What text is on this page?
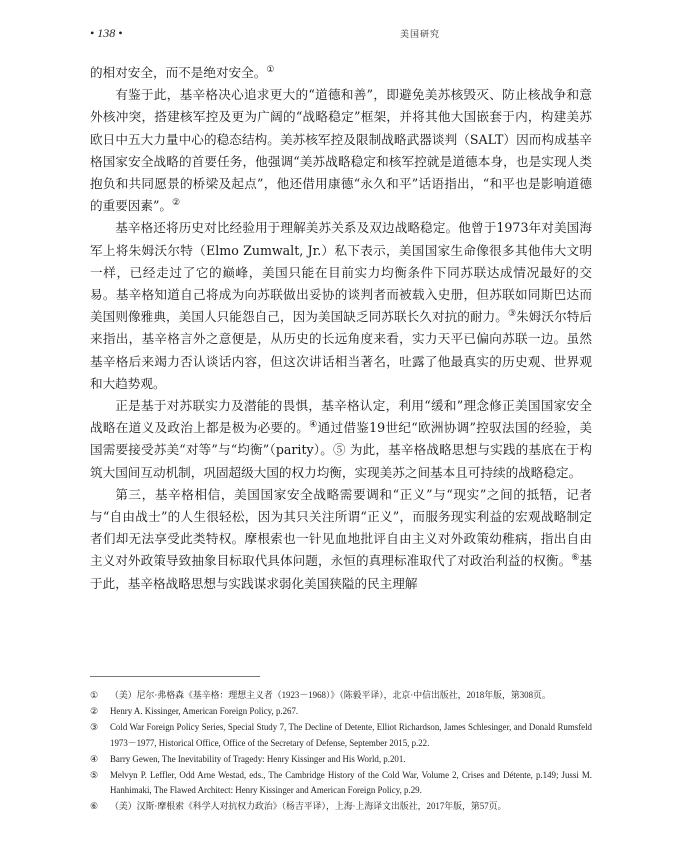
• 138 •	美国研究

的相对安全，而不是绝对安全。①

有鉴于此，基辛格决心追求更大的“道德和善”，即避免美苏核毁灭、防止核战争和意外核冲突，搭建核军控及更为广阔的“战略稳定”框架，并将其他大国嵌套于内，构建美苏欧日中五大力量中心的稳态结构。美苏核军控及限制战略武器谈判（SALT）因而构成基辛格国家安全战略的首要任务，他强调“美苏战略稳定和核军控就是道德本身，也是实现人类抱负和共同愿景的桥梁及起点”，他还借用康德“永久和平”话语指出，“和平也是影响道德的重要因素”。②

基辛格还将历史对比经验用于理解美苏关系及双边战略稳定。他曾于1973年对美国海军上将朱姆沃尔特（Elmo Zumwalt, Jr.）私下表示，美国国家生命像很多其他伟大文明一样，已经走过了它的巅峰，美国只能在目前实力均衡条件下同苏联达成情况最好的交易。基辛格知道自己将成为向苏联做出妥协的谈判者而被载入史册，但苏联如同斯巴达而美国则像雅典，美国人只能怨自己，因为美国缺乏同苏联长久对抗的耐力。③朱姆沃尔特后来指出，基辛格言外之意便是，从历史的长远角度来看，实力天平已偏向苏联一边。虽然基辛格后来竭力否认谈话内容，但这次讲话相当著名，吐露了他最真实的历史观、世界观和大趋势观。

正是基于对苏联实力及潜能的畏惧，基辛格认定，利用“缓和”理念修正美国国家安全战略在道义及政治上都是极为必要的。④通过借鉴19世纪“欧洲协调”控驭法国的经验，美国需要接受苏美“对等”与“均衡”（parity）。⑤ 为此，基辛格战略思想与实践的基底在于构筑大国间互动机制，巩固超级大国的权力均衡，实现美苏之间基本且可持续的战略稳定。

第三，基辛格相信，美国国家安全战略需要调和“正义”与“现实”之间的抵牾，记者与“自由战士”的人生很轻松，因为其只关注所谓“正义”，而服务现实利益的宏观战略制定者们却无法享受此类特权。摩根索也一针见血地批评自由主义对外政策幼稚病，指出自由主义对外政策导致抽象目标取代具体问题，永恒的真理标准取代了对政治利益的权衡。⑥基于此，基辛格战略思想与实践谋求弱化美国狭隘的民主理解

①	（美）尼尔·弗格森《基辛格：理想主义者（1923－1968）》（陈毅平译），北京·中信出版社，2018年版，第308页。

②	Henry A. Kissinger, American Foreign Policy, p.267.

③	Cold War Foreign Policy Series, Special Study 7, The Decline of Detente, Elliot Richardson, James Schlesinger, and Donald Rumsfeld 1973－1977, Historical Office, Office of the Secretary of Defense, September 2015, p.22.

④	Barry Gewen, The Inevitability of Tragedy: Henry Kissinger and His World, p.201.

⑤	Melvyn P. Leffler, Odd Arne Westad, eds., The Cambridge History of the Cold War, Volume 2, Crises and Détente, p.149; Jussi M. Hanhimaki, The Flawed Architect: Henry Kissinger and American Foreign Policy, p.29.

⑥	（美）汉斯·摩根索《科学人对抗权力政治》（杨吉平译），上海·上海译文出版社，2017年版，第57页。
